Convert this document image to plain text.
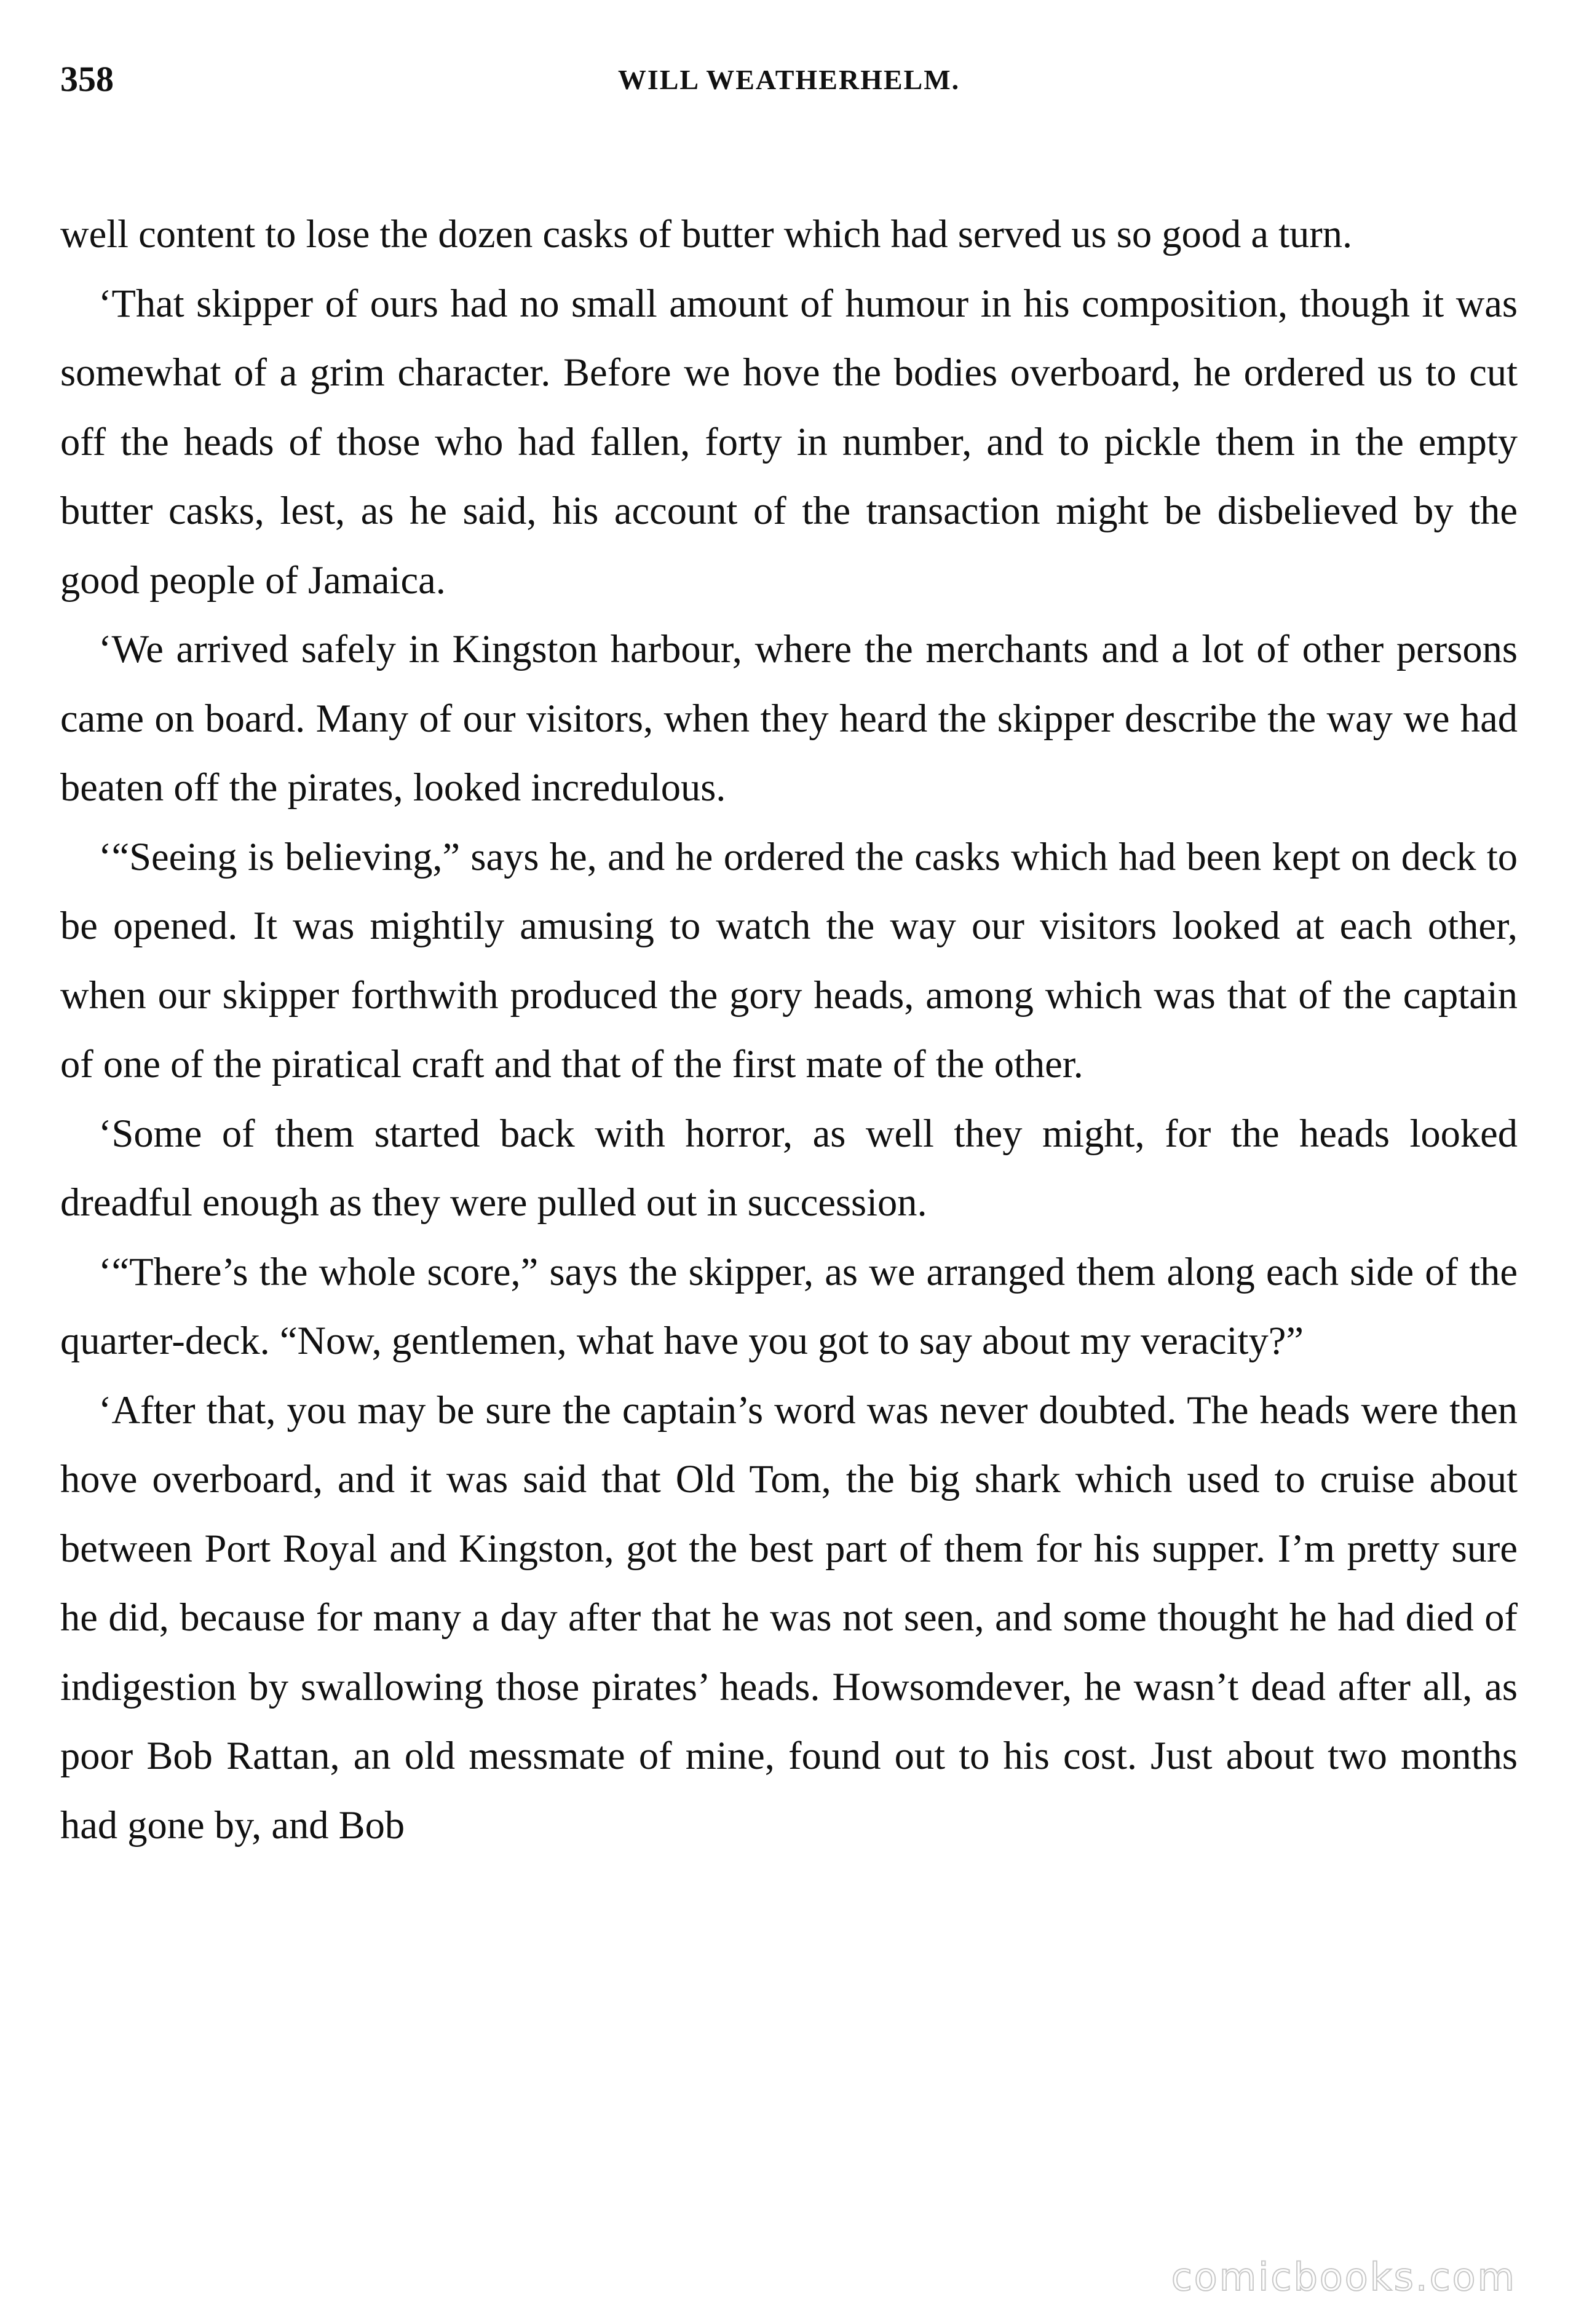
358	WILL WEATHERHELM.

well content to lose the dozen casks of butter which had served us so good a turn.

‘That skipper of ours had no small amount of humour in his composition, though it was somewhat of a grim character. Before we hove the bodies overboard, he ordered us to cut off the heads of those who had fallen, forty in number, and to pickle them in the empty butter casks, lest, as he said, his account of the transaction might be disbelieved by the good people of Jamaica.

‘We arrived safely in Kingston harbour, where the merchants and a lot of other persons came on board. Many of our visitors, when they heard the skipper describe the way we had beaten off the pirates, looked incredulous.

‘“Seeing is believing,” says he, and he ordered the casks which had been kept on deck to be opened. It was mightily amusing to watch the way our visitors looked at each other, when our skipper forthwith produced the gory heads, among which was that of the captain of one of the piratical craft and that of the first mate of the other.

‘Some of them started back with horror, as well they might, for the heads looked dreadful enough as they were pulled out in succession.

‘“There’s the whole score,” says the skipper, as we arranged them along each side of the quarter-deck. “Now, gentlemen, what have you got to say about my veracity?”

‘After that, you may be sure the captain’s word was never doubted. The heads were then hove overboard, and it was said that Old Tom, the big shark which used to cruise about between Port Royal and Kingston, got the best part of them for his supper. I’m pretty sure he did, because for many a day after that he was not seen, and some thought he had died of indigestion by swallowing those pirates’ heads. Howsomdever, he wasn’t dead after all, as poor Bob Rattan, an old messmate of mine, found out to his cost. Just about two months had gone by, and Bob

comicbooks.com
